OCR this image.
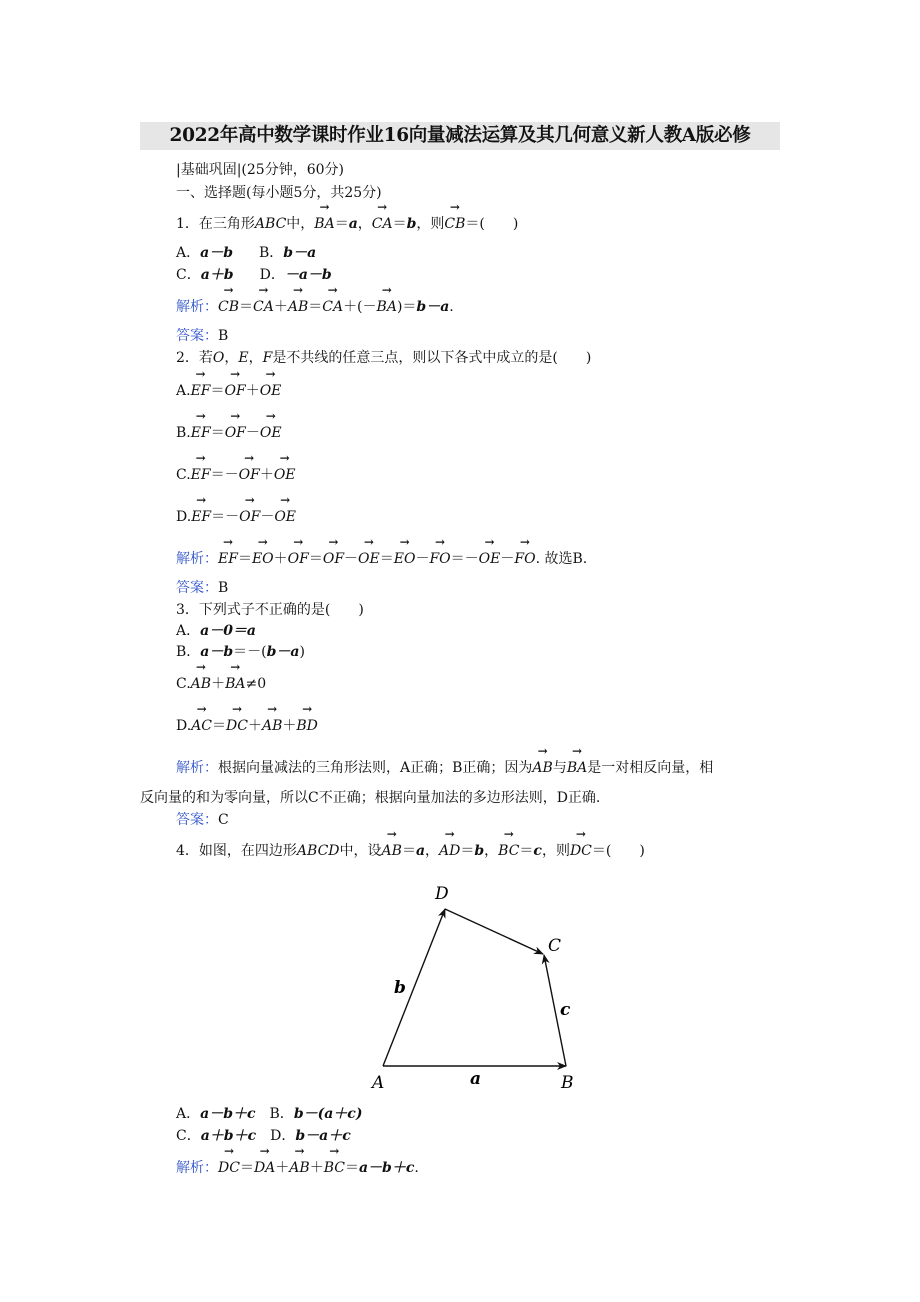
2022年高中数学课时作业16向量减法运算及其几何意义新人教A版必修
|基础巩固|(25分钟，60分)
一、选择题(每小题5分，共25分)
1．在三角形ABC中，→ BA＝a，→ CA＝b，则→ CB＝(　　)
A．a－b B．b－a
C．a＋b D．－a－b
解析：→ CB＝→ CA＋→ AB＝→ CA＋(－→ BA)＝b－a.
答案：B
2．若O，E，F是不共线的任意三点，则以下各式中成立的是(　　)
A.→ EF＝→ OF＋→ OE
B.→ EF＝→ OF－→ OE
C.→ EF＝－→ OF＋→ OE
D.→ EF＝－→ OF－→ OE
解析：→ EF＝→ EO＋→ OF＝→ OF－→ OE＝→ EO－→ FO＝－→ OE－→ FO. 故选B.
答案：B
3．下列式子不正确的是(　　)
A．a－0＝a
B．a－b＝－(b－a)
C.→ AB＋→ BA≠0
D.→ AC＝→ DC＋→ AB＋→ BD
解析：根据向量减法的三角形法则，A正确；B正确；因为→ AB与→ BA是一对相反向量，相
反向量的和为零向量，所以C不正确；根据向量加法的多边形法则，D正确.
答案：C
4．如图，在四边形ABCD中，设→ AB＝a，→ AD＝b，→ BC＝c，则→ DC＝(　　)
A	B
C
D
a
b
c
A．a－b＋c B．b－(a＋c)
C．a＋b＋c D．b－a＋c
解析：→ DC＝→ DA＋→ AB＋→ BC＝a－b＋c.
